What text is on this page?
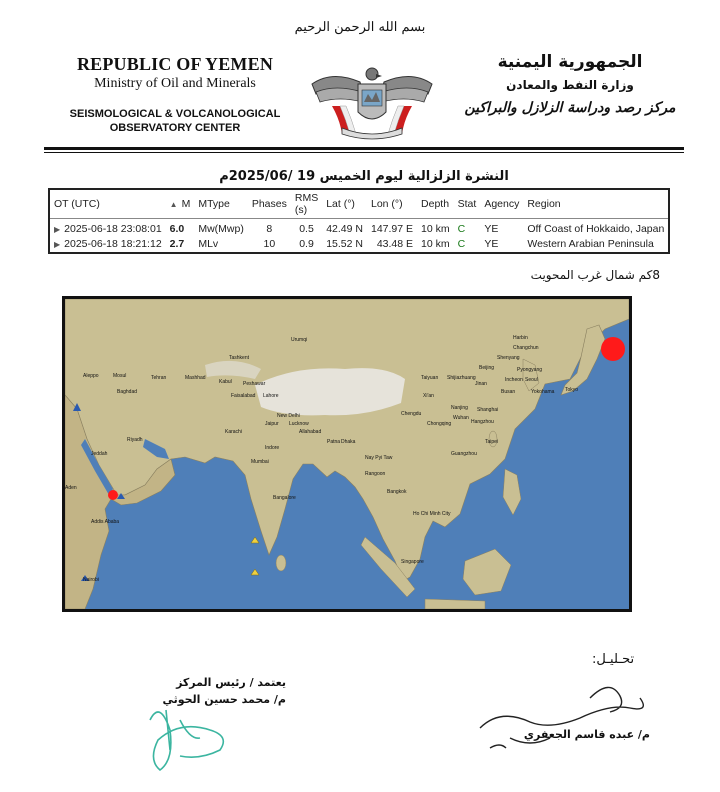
بسم الله الرحمن الرحيم
REPUBLIC OF YEMEN
Ministry of Oil and Minerals
SEISMOLOGICAL & VOLCANOLOGICAL
OBSERVATORY CENTER
الجمهورية اليمنية
وزارة النفط والمعادن
مركز رصد ودراسة الزلازل والبراكين
النشرة الزلزالية ليوم الخميس 19 /2025/06م
OT (UTC)	▲ M	MType	Phases	RMS (s)	Lat (°)	Lon (°)	Depth	Stat	Agency	Region
▶ 2025-06-18 23:08:01	6.0	Mw(Mwp)	8	0.5	42.49 N	147.97 E	10 km	C	YE	Off Coast of Hokkaido, Japan
▶ 2025-06-18 18:21:12	2.7	MLv	10	0.9	15.52 N	43.48 E	10 km	C	YE	Western Arabian Peninsula
8كم شمال غرب المحويت
Harbin
Changchun
Shenyang
Beijing	Pyongyang
Incheon Seoul
Busan	Tokyo
Yokohama
Taiyuan Shijiazhuang
Jinan
Xi'an
Nanjing Shanghai
Chengdu
Wuhan
Hangzhou
Chongqing
Taipei
Guangzhou
Urumqi
Tashkent
Kabul Peshawar
Lahore
Faisalabad
New Delhi
Jaipur Lucknow
Allahabad
Karachi
Patna Dhaka
Indore
Mumbai
Bangalore
Nay Pyi Taw
Rangoon
Bangkok
Ho Chi Minh City
Singapore
Aleppo	Mosul	Tehran	Mashhad
Baghdad
Riyadh
Jeddah
Aden
Addis Ababa
Nairobi
تحـليـل:
يعتمد / رئيس المركز
م/ محمد حسين الحوثي
م/ عبده قاسم الجعفري
